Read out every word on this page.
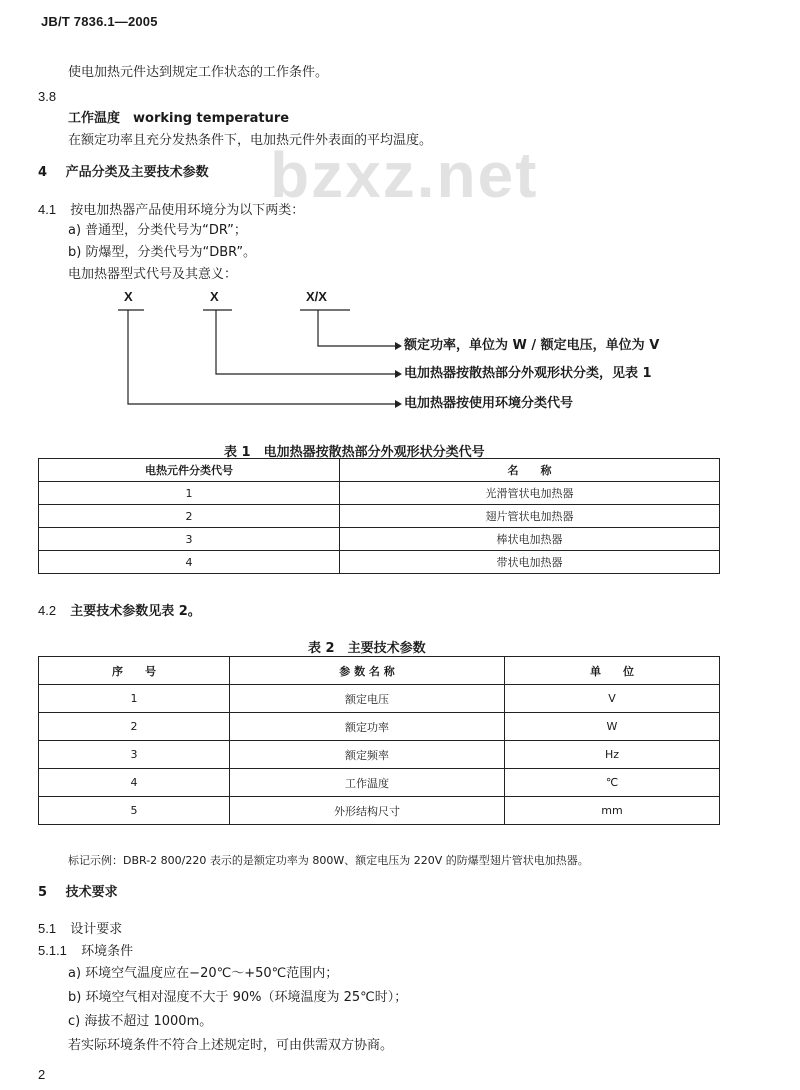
JB/T 7836.1—2005
bzxz.net
使电加热元件达到规定工作状态的工作条件。
3.8
工作温度　working temperature
在额定功率且充分发热条件下，电加热元件外表面的平均温度。
4 产品分类及主要技术参数
4.1 按电加热器产品使用环境分为以下两类：
a) 普通型，分类代号为“DR”；
b) 防爆型，分类代号为“DBR”。
电加热器型式代号及其意义：
X	X	X/X
额定功率，单位为 W / 额定电压，单位为 V
电加热器按散热部分外观形状分类，见表 1
电加热器按使用环境分类代号
表 1　电加热器按散热部分外观形状分类代号
电热元件分类代号	名　　称
1	光滑管状电加热器
2	翅片管状电加热器
3	棒状电加热器
4	带状电加热器
4.2 主要技术参数见表 2。
表 2　主要技术参数
序　　号	参 数 名 称	单　　位
1	额定电压	V
2	额定功率	W
3	额定频率	Hz
4	工作温度	℃
5	外形结构尺寸	mm
标记示例：DBR-2 800/220 表示的是额定功率为 800W、额定电压为 220V 的防爆型翅片管状电加热器。
5 技术要求
5.1 设计要求
5.1.1 环境条件
a) 环境空气温度应在−20℃～+50℃范围内；
b) 环境空气相对湿度不大于 90%（环境温度为 25℃时）；
c) 海拔不超过 1000m。
若实际环境条件不符合上述规定时，可由供需双方协商。
2
